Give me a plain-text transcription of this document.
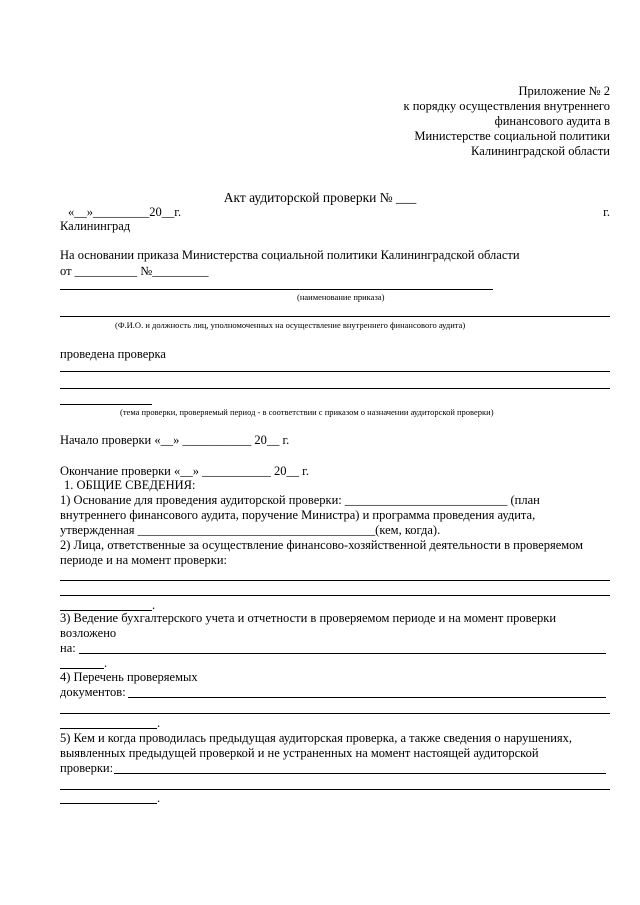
Приложение № 2
к порядку осуществления внутреннего
финансового аудита в
Министерстве социальной политики
Калининградской области
Акт аудиторской проверки № ___
«__»_________20__г.	г.
Калининград
На основании приказа Министерства социальной политики Калининградской области
от __________ №_________
(наименование приказа)
(Ф.И.О. и должность лиц, уполномоченных на осуществление внутреннего финансового аудита)
проведена проверка
(тема проверки, проверяемый период - в соответствии с приказом о назначении аудиторской проверки)
Начало проверки «__» ___________ 20__ г.
Окончание проверки «__» ___________ 20__ г.
1. ОБЩИЕ СВЕДЕНИЯ:
1) Основание для проведения аудиторской проверки: __________________________ (план
внутреннего финансового аудита, поручение Министра) и программа проведения аудита,
утвержденная ______________________________________(кем, когда).
2) Лица, ответственные за осуществление финансово-хозяйственной деятельности в проверяемом
периоде и на момент проверки:
.
3) Ведение бухгалтерского учета и отчетности в проверяемом периоде и на момент проверки
возложено
на:
.
4) Перечень проверяемых
документов:
.
5) Кем и когда проводилась предыдущая аудиторская проверка, а также сведения о нарушениях,
выявленных предыдущей проверкой и не устраненных на момент настоящей аудиторской
проверки:
.
